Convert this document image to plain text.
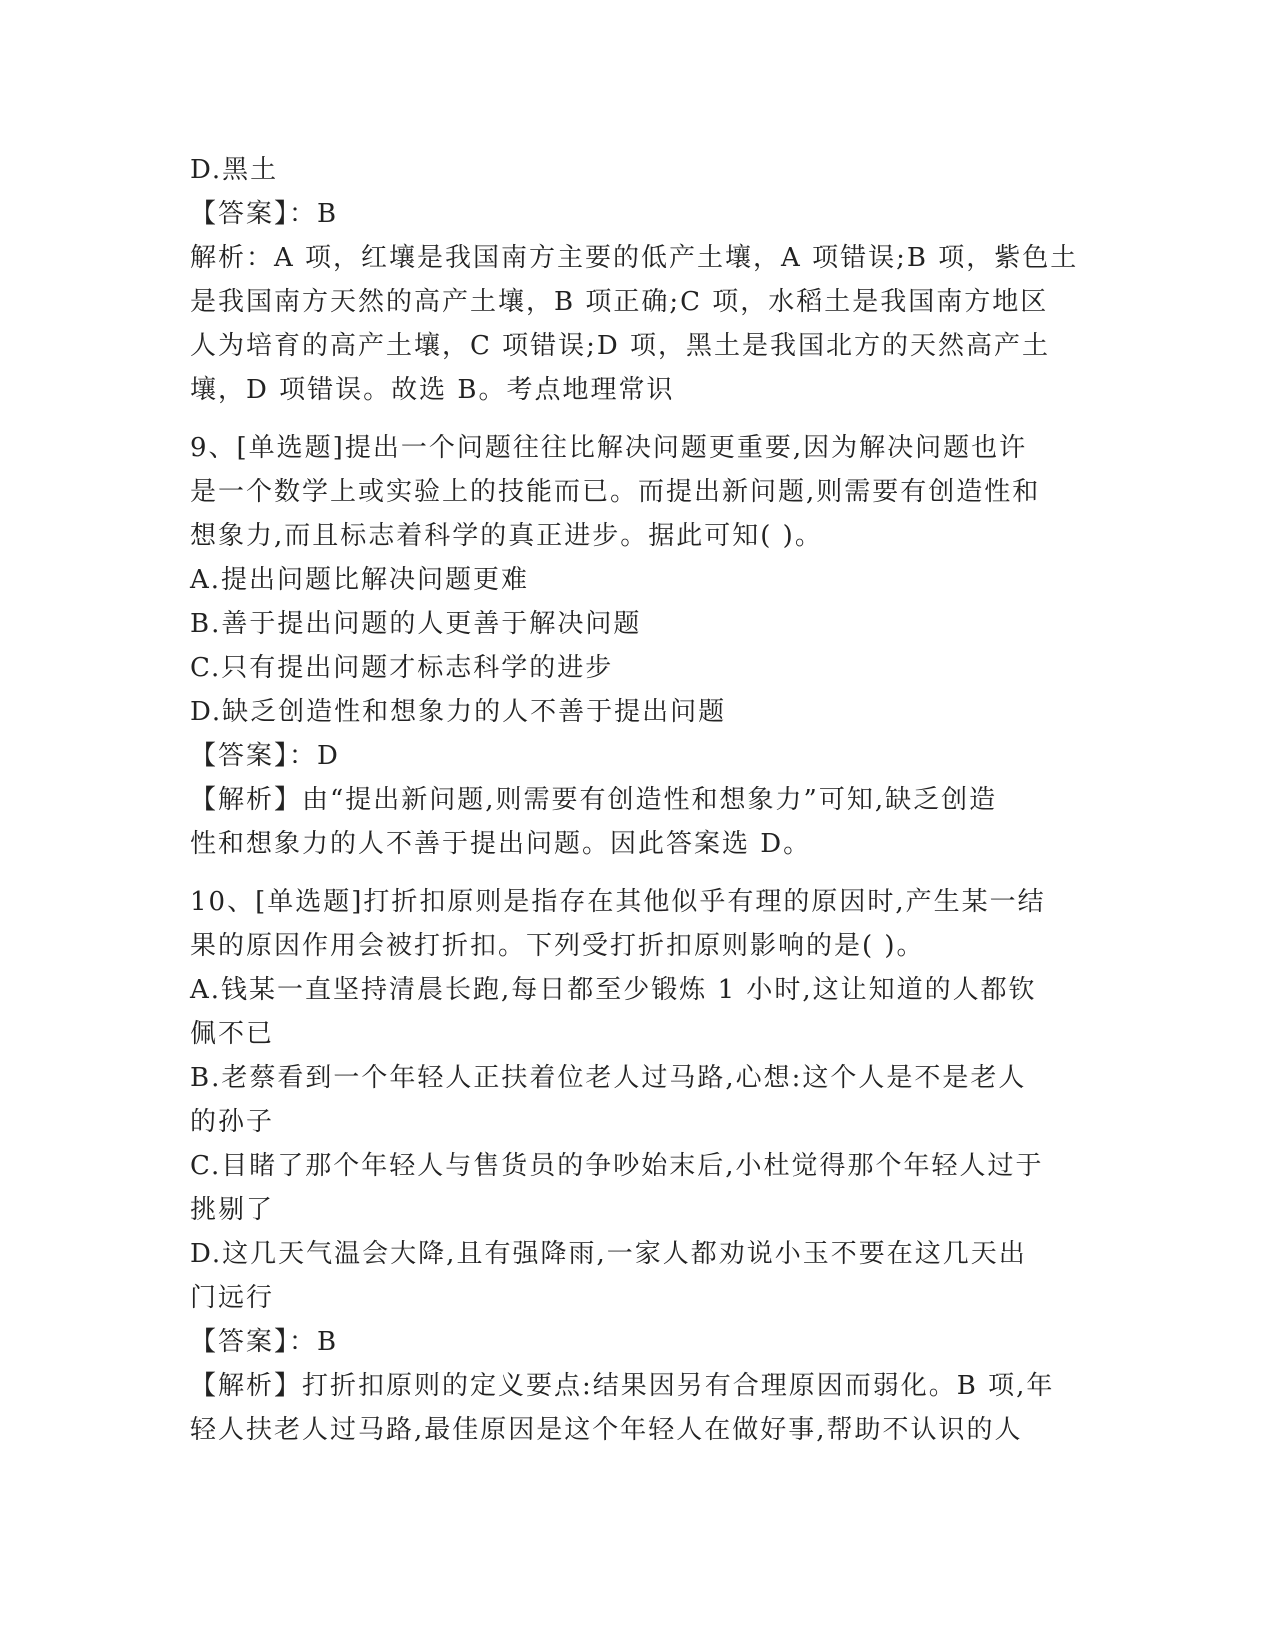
D.黑土
【答案】：B
解析：A 项，红壤是我国南方主要的低产土壤，A 项错误;B 项，紫色土
是我国南方天然的高产土壤，B 项正确;C 项，水稻土是我国南方地区
人为培育的高产土壤，C 项错误;D 项，黑土是我国北方的天然高产土
壤，D 项错误。故选 B。考点地理常识
9、[单选题]提出一个问题往往比解决问题更重要,因为解决问题也许
是一个数学上或实验上的技能而已。而提出新问题,则需要有创造性和
想象力,而且标志着科学的真正进步。据此可知( )。
A.提出问题比解决问题更难
B.善于提出问题的人更善于解决问题
C.只有提出问题才标志科学的进步
D.缺乏创造性和想象力的人不善于提出问题
【答案】：D
【解析】由“提出新问题,则需要有创造性和想象力”可知,缺乏创造
性和想象力的人不善于提出问题。因此答案选 D。
10、[单选题]打折扣原则是指存在其他似乎有理的原因时,产生某一结
果的原因作用会被打折扣。下列受打折扣原则影响的是( )。
A.钱某一直坚持清晨长跑,每日都至少锻炼 1 小时,这让知道的人都钦
佩不已
B.老蔡看到一个年轻人正扶着位老人过马路,心想:这个人是不是老人
的孙子
C.目睹了那个年轻人与售货员的争吵始末后,小杜觉得那个年轻人过于
挑剔了
D.这几天气温会大降,且有强降雨,一家人都劝说小玉不要在这几天出
门远行
【答案】：B
【解析】打折扣原则的定义要点:结果因另有合理原因而弱化。B 项,年
轻人扶老人过马路,最佳原因是这个年轻人在做好事,帮助不认识的人
